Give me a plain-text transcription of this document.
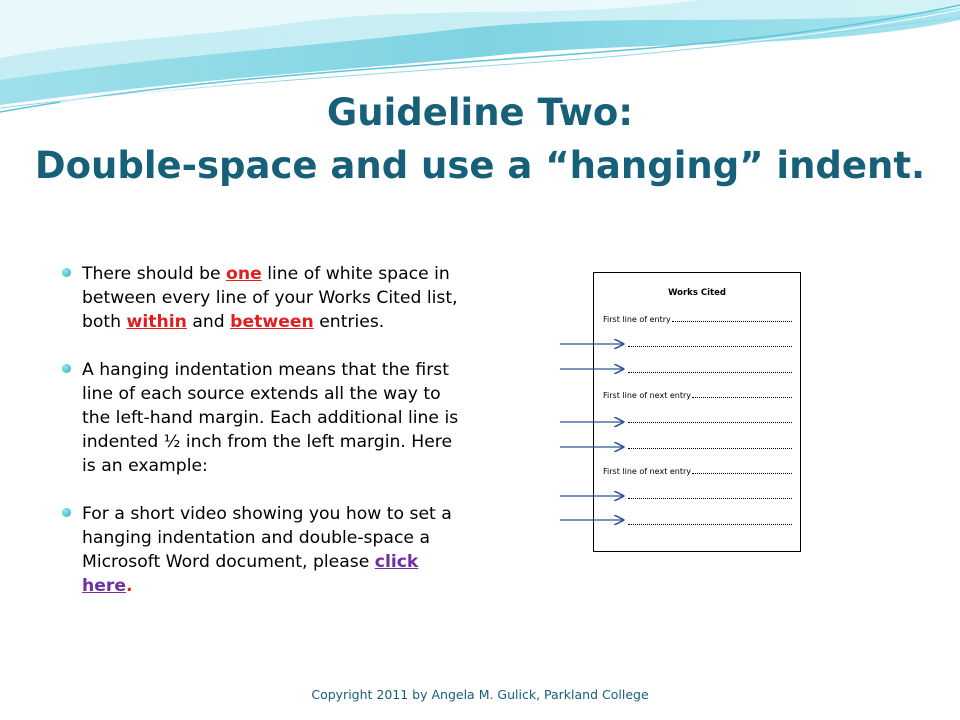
Guideline Two:
Double-space and use a “hanging” indent.
There should be one line of white space in between every line of your Works Cited list, both within and between entries.
A hanging indentation means that the first line of each source extends all the way to the left-hand margin. Each additional line is indented ½ inch from the left margin. Here is an example:
For a short video showing you how to set a hanging indentation and double-space a Microsoft Word document, please click here.
Works Cited
First line of entry
First line of next entry
First line of next entry
Copyright 2011 by Angela M. Gulick, Parkland College
